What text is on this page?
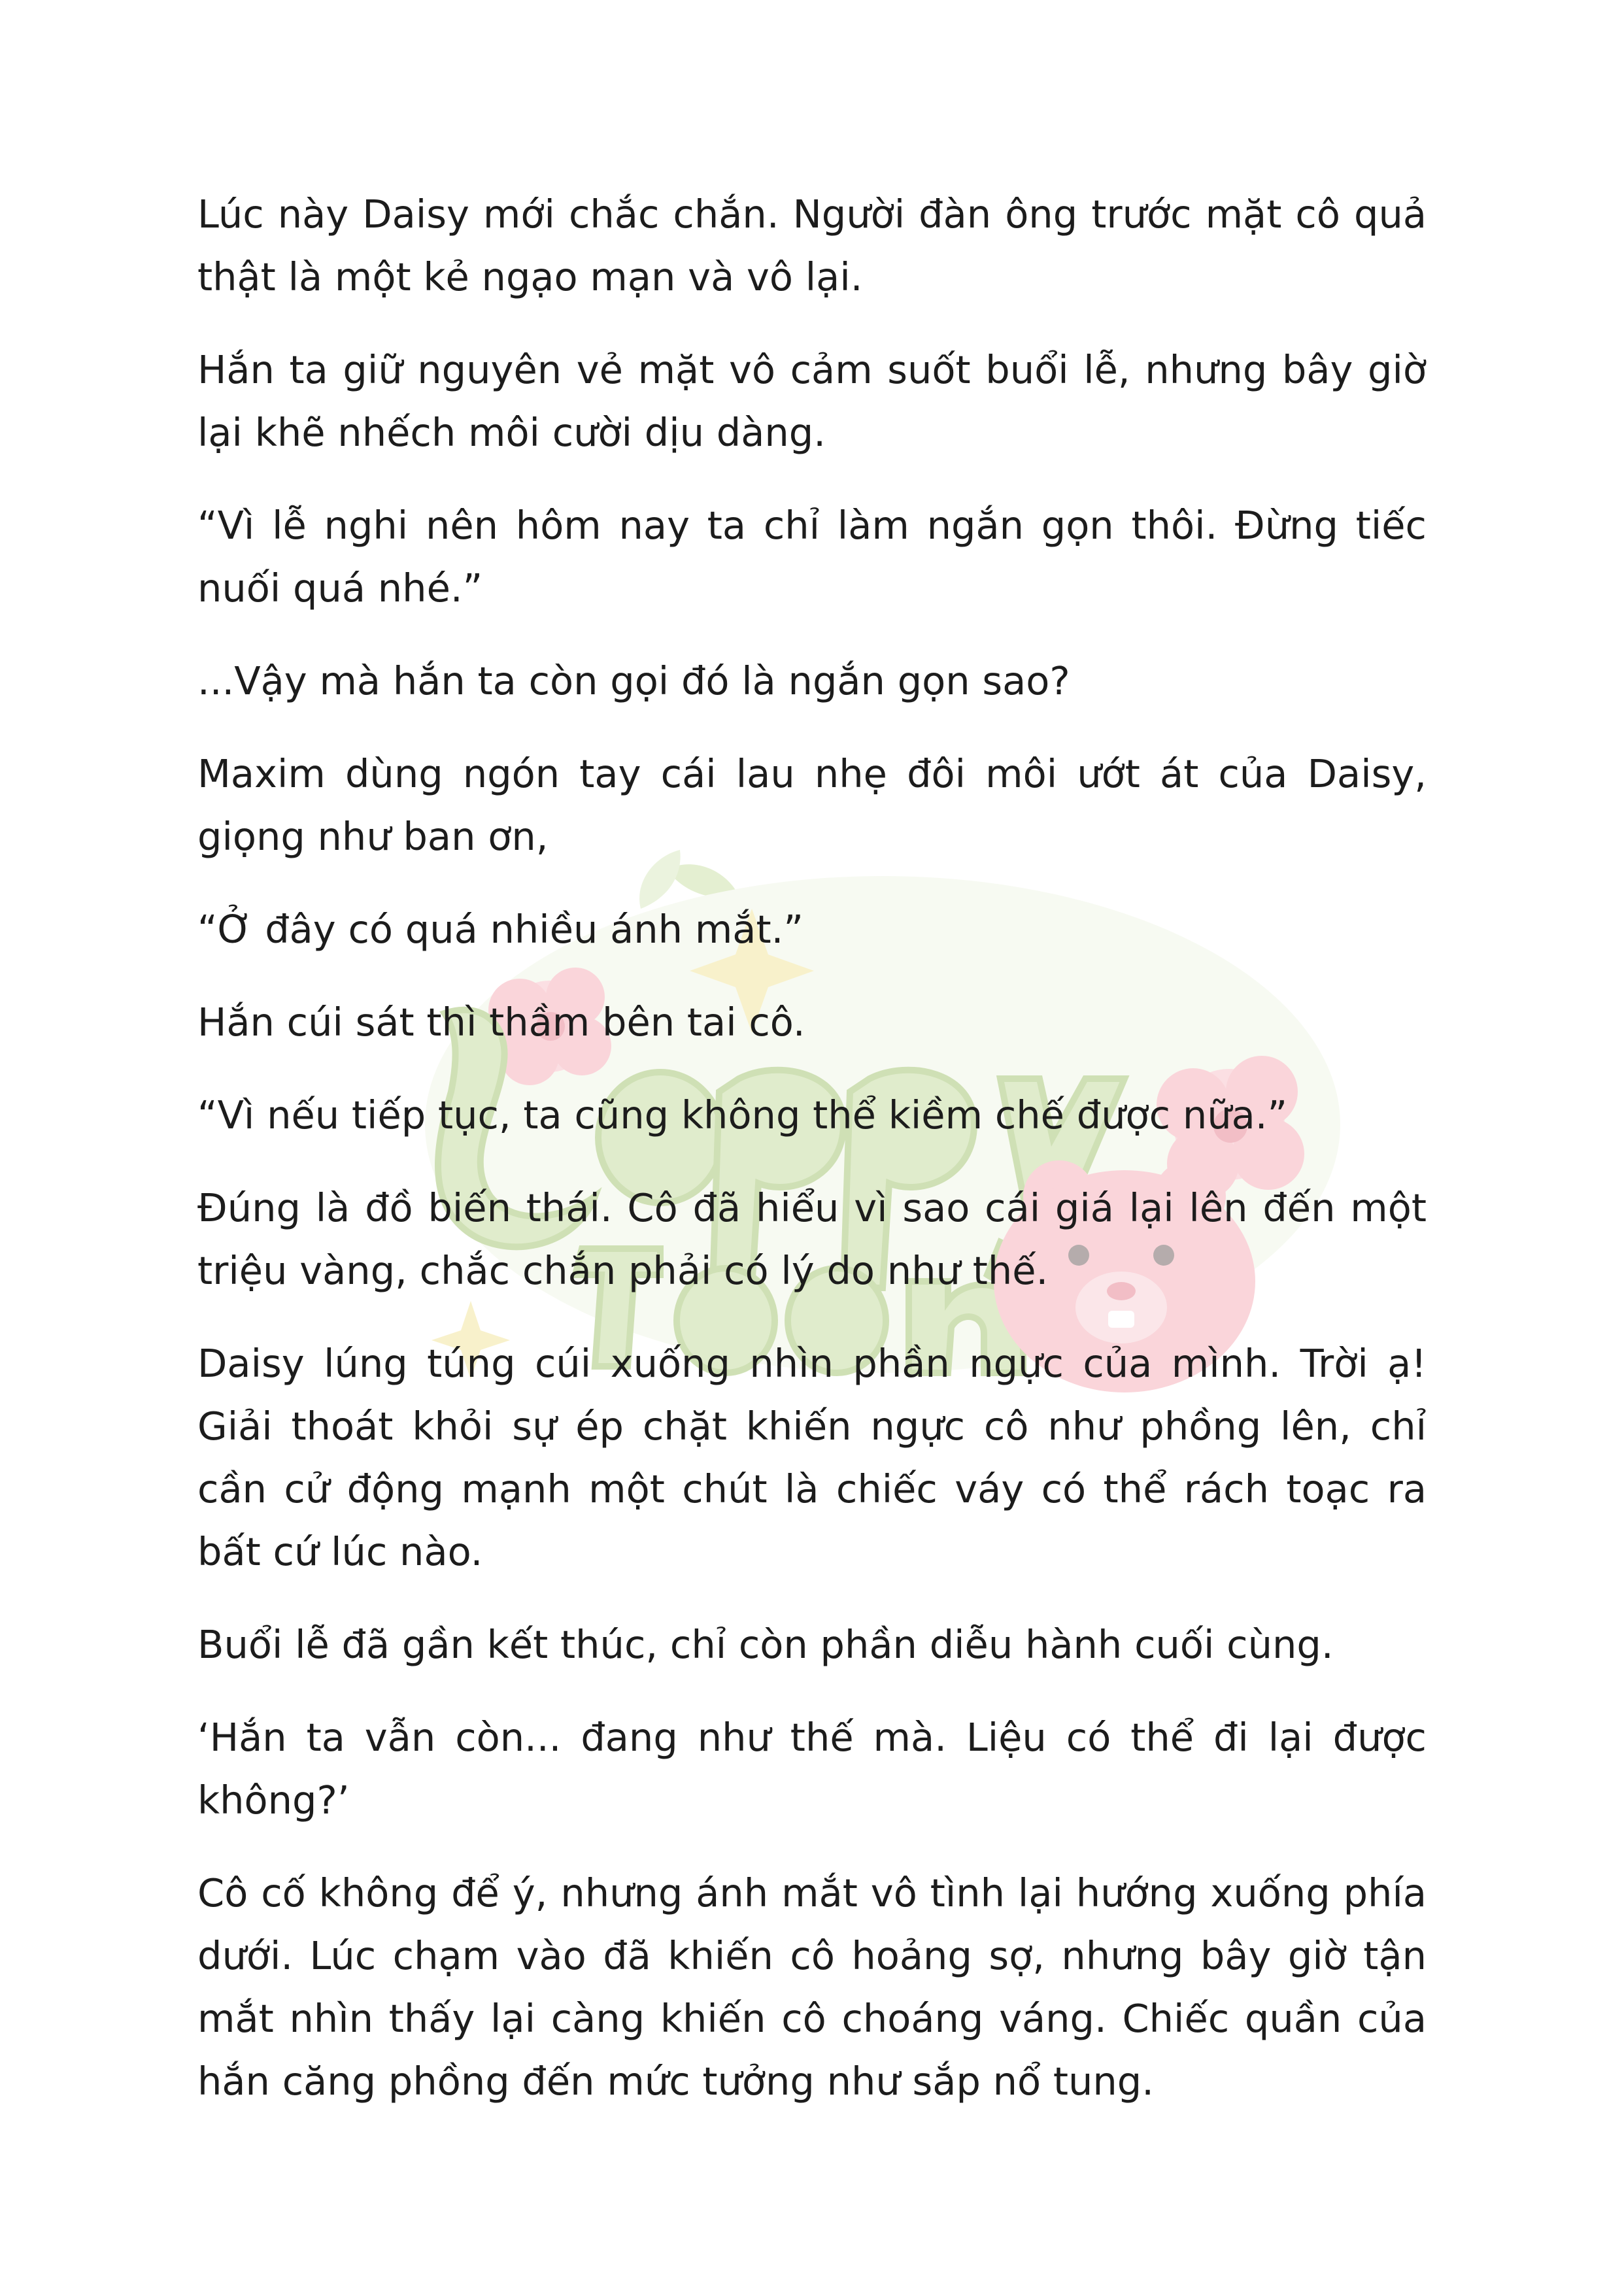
Lúc này Daisy mới chắc chắn. Người đàn ông trước mặt cô quả thật là một kẻ ngạo mạn và vô lại.

Hắn ta giữ nguyên vẻ mặt vô cảm suốt buổi lễ, nhưng bây giờ lại khẽ nhếch môi cười dịu dàng.

“Vì lễ nghi nên hôm nay ta chỉ làm ngắn gọn thôi. Đừng tiếc nuối quá nhé.”

...Vậy mà hắn ta còn gọi đó là ngắn gọn sao?

Maxim dùng ngón tay cái lau nhẹ đôi môi ướt át của Daisy, giọng như ban ơn,

“Ở đây có quá nhiều ánh mắt.”

Hắn cúi sát thì thầm bên tai cô.

“Vì nếu tiếp tục, ta cũng không thể kiềm chế được nữa.”

Đúng là đồ biến thái. Cô đã hiểu vì sao cái giá lại lên đến một triệu vàng, chắc chắn phải có lý do như thế.

Daisy lúng túng cúi xuống nhìn phần ngực của mình. Trời ạ! Giải thoát khỏi sự ép chặt khiến ngực cô như phồng lên, chỉ cần cử động mạnh một chút là chiếc váy có thể rách toạc ra bất cứ lúc nào.

Buổi lễ đã gần kết thúc, chỉ còn phần diễu hành cuối cùng.

‘Hắn ta vẫn còn... đang như thế mà. Liệu có thể đi lại được không?’

Cô cố không để ý, nhưng ánh mắt vô tình lại hướng xuống phía dưới. Lúc chạm vào đã khiến cô hoảng sợ, nhưng bây giờ tận mắt nhìn thấy lại càng khiến cô choáng váng. Chiếc quần của hắn căng phồng đến mức tưởng như sắp nổ tung.
